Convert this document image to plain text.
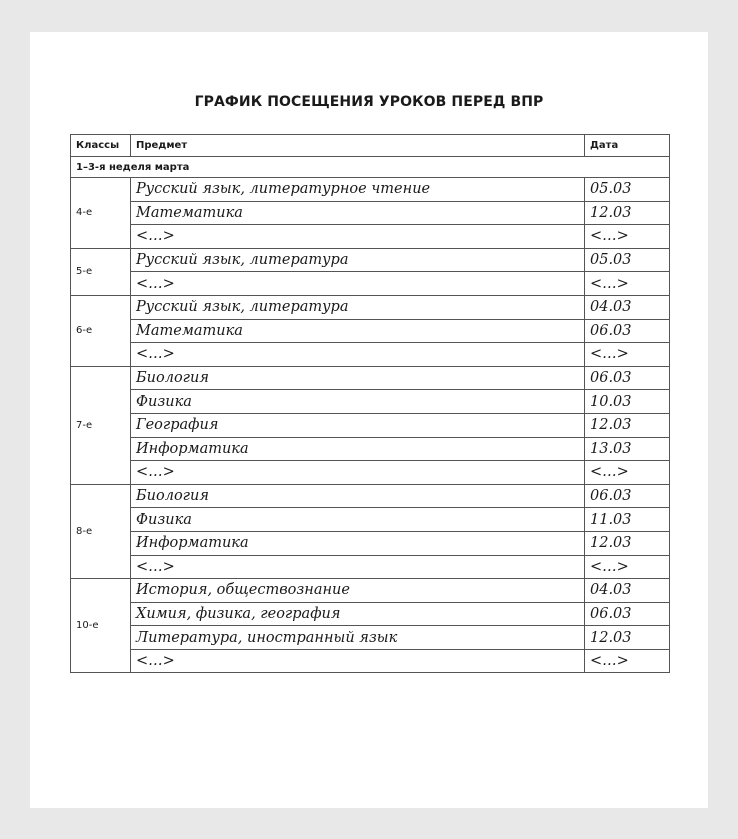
ГРАФИК ПОСЕЩЕНИЯ УРОКОВ ПЕРЕД ВПР
Классы	Предмет	Дата
1–3-я неделя марта		
4-е	Русский язык, литературное чтение	05.03
	Математика	12.03
	<…>	<…>
5-е	Русский язык, литература	05.03
	<…>	<…>
6-е	Русский язык, литература	04.03
	Математика	06.03
	<…>	<…>
7-е	Биология	06.03
	Физика	10.03
	География	12.03
	Информатика	13.03
	<…>	<…>
8-е	Биология	06.03
	Физика	11.03
	Информатика	12.03
	<…>	<…>
10-е	История, обществознание	04.03
	Химия, физика, география	06.03
	Литература, иностранный язык	12.03
	<…>	<…>
